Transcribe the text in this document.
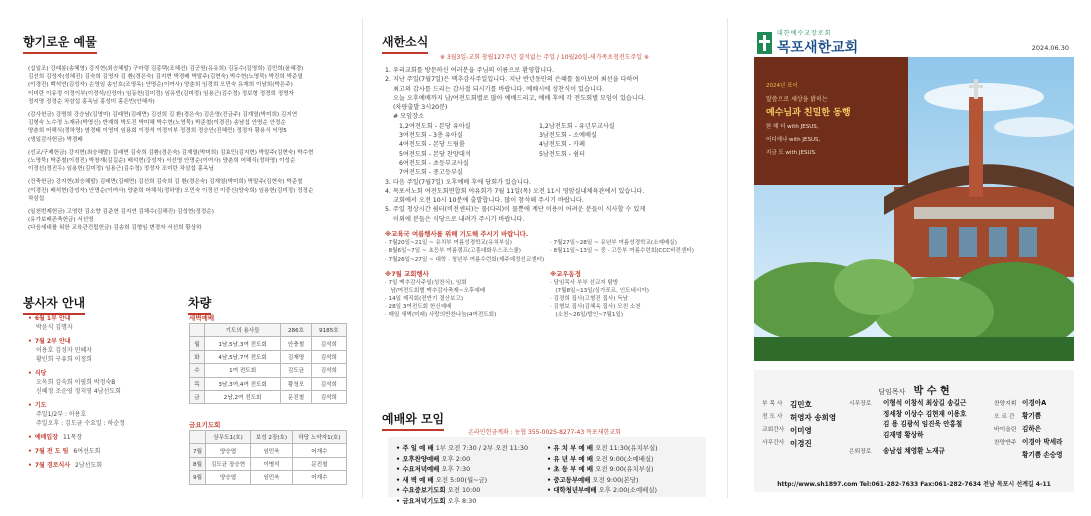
향기로운 예물
(십일조) 강래봉(송혜영) 강지현(최승혜딸) 구마령 김종택(조혜선) 김군원(유유희) 김동수(김영희) 김민희(윤혜경)
김선희 김성자(성혜진) 김숙희 김영자 김 환(경은숙) 김지현 박경배 박말주(김현숙) 박수현(노영묵) 박진희 박준열
(이경진) 백석연(김성자) 손영임 송인호(조영옥) 안명순(이여사) 양춘희 임경희 오민숙 유재희 이남희(박은주)
이미란 이유정 이정이부(이정석/신성아) 임동헌(김미정) 임유빈(김미정) 임용근(김수정) 정보형 정경희 정명자
정지영 정정순 차삼섭 홍옥님 홍성미 홍은빈(안혜자)
(감사헌금) 강명희 강승남(김영미) 김래면(김래면) 김선희 김 환(경은숙) 김은영(진금주) 김재열(박미희) 김지연
김형숙 노수정 노재규(박영신) 반재희 박도진 박미혜 박수현(노영묵) 박준철(이경진) 송남섭 안명순 안정순
양춘희 어해식(정하영) 염경태 이영미 임용회 이정석 이정이부 정경희 정승안(진혜민) 정정자 황용식 익명5
(생일감사헌금) 박경배
(선교/구제헌금) 강지현(최승혜딸) 김래면 김숙희 김환(경은숙) 김재열(박미희) 김효민(김지현) 박말주(김현숙) 박수현
(노영묵) 박준철(이경진) 박창재(김길순) 배석현(강성자) 서선영 안명순(이여사) 양춘희 어해식(정하영) 이성순
이정선(정진우) 임용헌(김미정) 임용근(김수정) 정정자 조미란 차삼섭 홍옥님
(건축헌금) 강지현(최승혜딸) 김래면(김래면) 김선희 김숙희 김 환(경은숙) 김재열(박미희) 박말주(김현숙) 박준철
(이경진) 배석현(강성자) 안명순(이여사) 양춘희 어해식(정하영) 오민숙 이정선 이중신(양숙희) 임용헌(김미정) 정정순
차삼섭
(일천번제헌금) 고영란 김소향 김준현 김지연 김해수(김해진) 김성현(정정순)
(유가보배존축헌금) 서선영
(다음세대를 위한 교육관건립헌금) 김송희 김형임 변경자 서선희 황상하
봉사자 안내
• 6월 1부 안내
박윤식 김명자
• 7월 2부 안내
이용호 김성자 민혜자
황인희 구유희 이정희
• 식당
오옥희 김숙희 이필희 박정숙B
신혜정 조순영 정지영 4남선도회
• 기도
주일1/2부 : 이용호
주일오후 : 김도균 수요일 : 하순정
• 예배입장 11목장
• 7월 전 도 팀 6여선도회
• 7월 경로식사 2남선도회
차량
새벽예배
	기도의 용사들	286호	9185호
월	1남,5남,3여 전도회	안충철	김석희
화	4남,5남,7여 전도회	김재명	김석희
수	1여 전도회	김도균	김석희
목	3남,3여,4여 전도회	황청모	김석희
금	2남,2여 전도회	문진철	김석희
금요기도회
	상무도1(호)	보성 2장(호)	하당 노약자1(호)
7월	양승엽	임민욱	어재수
8월	김도균 장승현	이병석	문진철
9월	양승엽	임민욱	어재수
새한소식
※ 3월3일-교회 창립127주년 결석없는 주일 / 10월20일-새가족초청전도주일 ※
1. 우리교회를 방문하신 여러분을 주님의 이름으로 환영합니다.
2. 지난 주일(7월7일)은 맥추감사주일입니다. 지난 반년동안의 은혜를 돌아보며 최선을 다하여
최고의 감사를 드리는 감사절 되시기를 바랍니다. 예배시에 성찬식이 있습니다.
오늘 오후예배까지 남/여전도회별로 많아 예배드리고, 예배 후에 각 전도회별 모임이 있습니다.
(차량출발 3시20분)
# 모임장소
1,2여전도회 - 본당 유아실	1,2남전도회 - 유년부교사실
3여전도회 - 3층 유아실	3남전도회 - 소예배실
4여전도회 - 본당 드림룸	4남전도회 - 카페
5여전도회 - 본당 찬양대석	5남전도회 - 쉼터
6여전도회 - 초등부교사실
7여전도회 - 중고등부실
3. 다음 주일(7월7일) 오후예배 후에 당회가 있습니다.
4. 목포서노회 여전도회연합회 야유회가 7월 11일(목) 오전 11시 영암실내체육관에서 있습니다.
교회에서 오전 10시 10분에 출발합니다. 많이 참석해 주시기 바랍니다.
5. 주일 청상시간 쉼터(비전센터)는 물(다리)이 물뿐에 계단 이용이 어려운 분들이 식사할 수 있게
이외에 분들은 식당으로 내려가 주시기 바랍니다.
※교육국 여름행사를 위해 기도해 주시기 바랍니다.
· 7월20일~21일 ~ 유치부 여름성경학교(유치부실)
· 8월6일~7일 ~ 초등부 여름캠프(고흥대화우스조스쿨)
· 7월26일~27일 ~ 대학 · 청년부 여름수련회(제주예정선교센터)
· 7월27일~28일 ~ 유년부 여름성경학교(소예배실)
· 8월11일~13일 ~ 중 · 고등부 여름수련회(CCC비전센터)
※7월 교회행사
· 7일 맥추감사주일(성찬식), 임회
남/여전도회별 맥추감사축제~오후예배
· 14일 제직회(전반기 결산보고)
· 28일 3여전도회 헌신예배
· 매일 새벽(미래) 사랑의반찬나눔(4여전도회)
※교우동정
· 담임목사 부부 선교지 탐방
(7월8일~13일/싱가포르, 인도네시아)
· 김정희 집사(고형진 집사) 득남
· 김형보 집사(김혜옥 집사) 모친 소천
(소천~26일/발인~7월1일)
예배와 모임
온라인헌금계좌 : 농협 355-0025-8277-43 목포새한교회
• 주 일 예 배 1부 오전 7:30 / 2부 오전 11:30
• 오후찬양예배 오후 2:00
• 수요저녁예배 오후 7:30
• 새 벽 예 배 오전 5:00(월~금)
• 수요중보기도회 오전 10:00
• 금요저녁기도회 오후 8:30
• 유 치 부 예 배 오전 11:30(유치부실)
• 유 년 부 예 배 오전 9:00(소예배실)
• 초 등 부 예 배 오전 9:00(유치부실)
• 중고등부예배 오전 9:00(본당)
• 대학청년부예배 오후 2:00(소예배실)
대한예수교장로회
목포새한교회	2024.06.30
2024년 표어
말씀으로 세상을 밝히는
예수님과 친밀한 동행
한 해 더 with JESUS,
어디에나 with JESUS,
지금 도 with JESUS.
담임목사 박 수 현
부 목 사	김민호
전 도 사	허영자 송희영
교회간사 이미영
사무간사 이경진
시무장로	이형석 이창석 최상길 송길근
정세창 이상수 김현재 이용호
김 용 김광석 임진욱 안홍철
김재명 황상하
은퇴장로	송남섭 채영환 노재규
찬양지휘 이경아A
오 르 간	황기쁨
바이올린 김하은
찬양반주 이경아 박세라
황기쁨 손승영
http://www.sh1897.com Tel:061-282-7633 Fax:061-282-7634 전남 목포시 선계길 4-11
